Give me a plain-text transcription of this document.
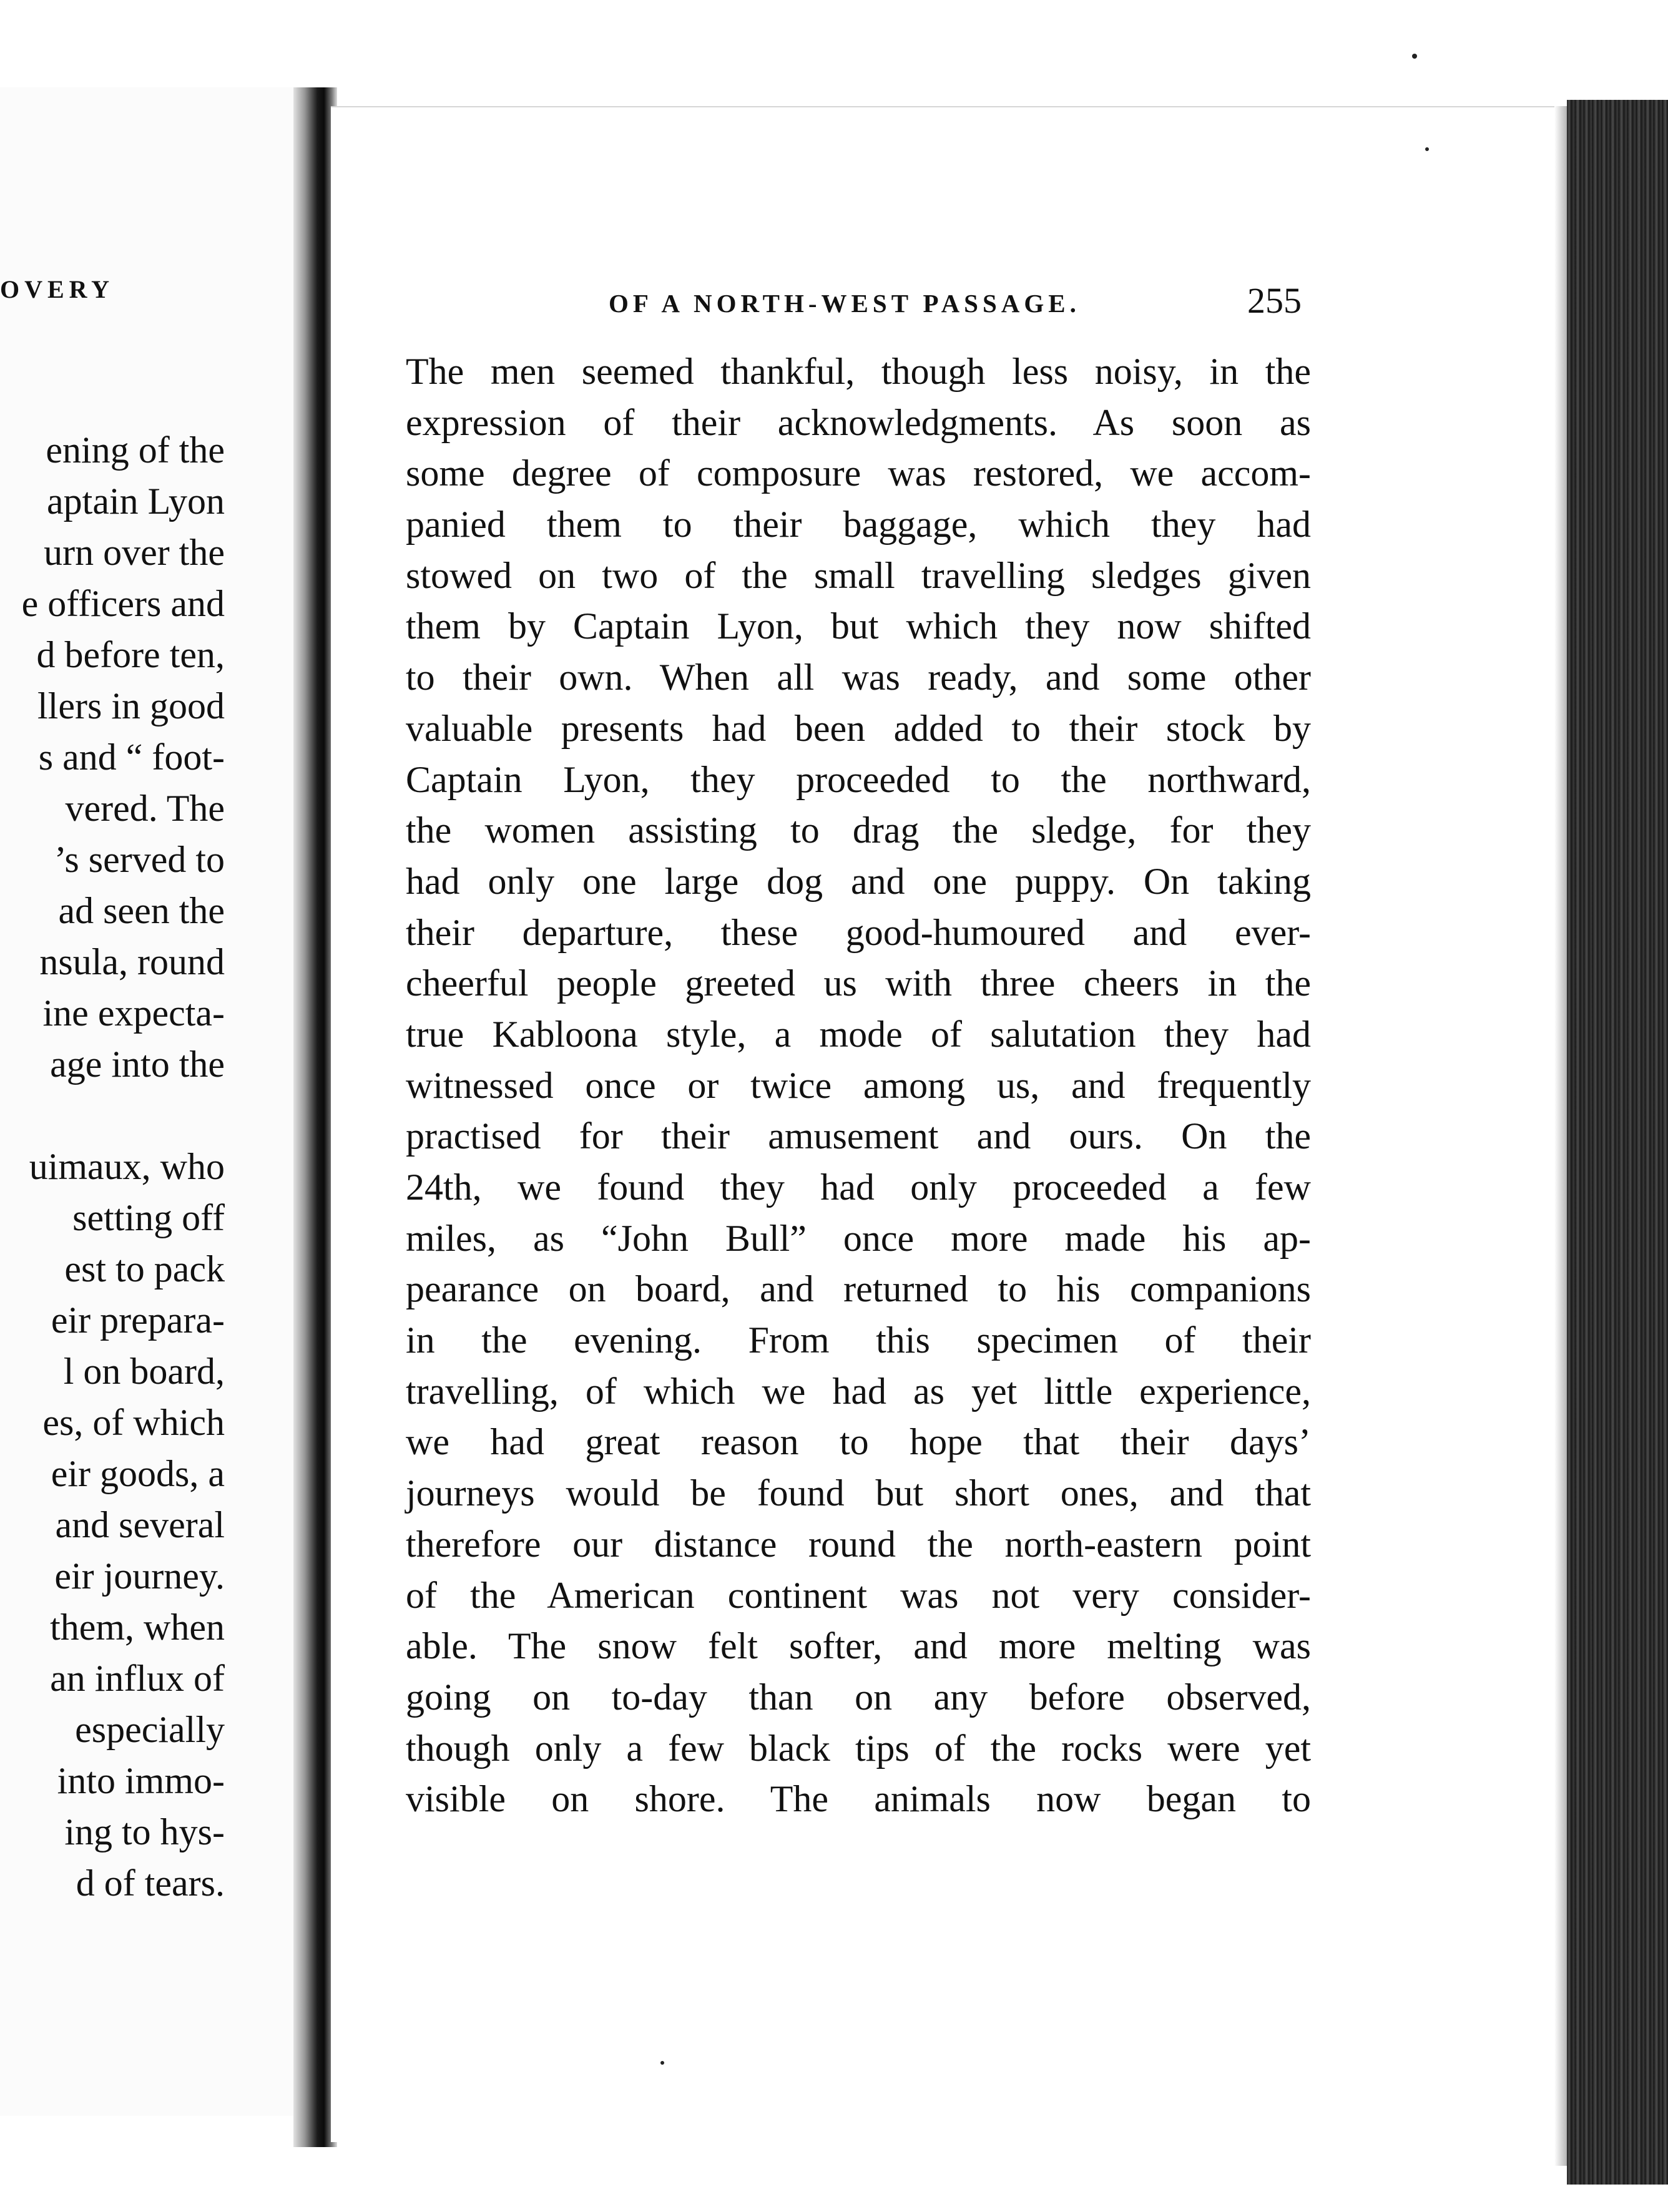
OVERY
ening of the
aptain Lyon
urn over the
e officers and
d before ten,
llers in good
s and “ foot-
vered. The
’s served to
ad seen the
nsula, round
ine expecta-
age into the
uimaux, who
setting off
est to pack
eir prepara-
l on board,
es, of which
eir goods, a
and several
eir journey.
them, when
an influx of
especially
into immo-
ing to hys-
d of tears.
OF A NORTH-WEST PASSAGE.	255
The men seemed thankful, though less noisy, in the
expression of their acknowledgments. As soon as
some degree of composure was restored, we accom-
panied them to their baggage, which they had
stowed on two of the small travelling sledges given
them by Captain Lyon, but which they now shifted
to their own. When all was ready, and some other
valuable presents had been added to their stock by
Captain Lyon, they proceeded to the northward,
the women assisting to drag the sledge, for they
had only one large dog and one puppy. On taking
their departure, these good-humoured and ever-
cheerful people greeted us with three cheers in the
true Kabloona style, a mode of salutation they had
witnessed once or twice among us, and frequently
practised for their amusement and ours. On the
24th, we found they had only proceeded a few
miles, as “John Bull” once more made his ap-
pearance on board, and returned to his companions
in the evening. From this specimen of their
travelling, of which we had as yet little experience,
we had great reason to hope that their days’
journeys would be found but short ones, and that
therefore our distance round the north-eastern point
of the American continent was not very consider-
able. The snow felt softer, and more melting was
going on to-day than on any before observed,
though only a few black tips of the rocks were yet
visible on shore. The animals now began to
